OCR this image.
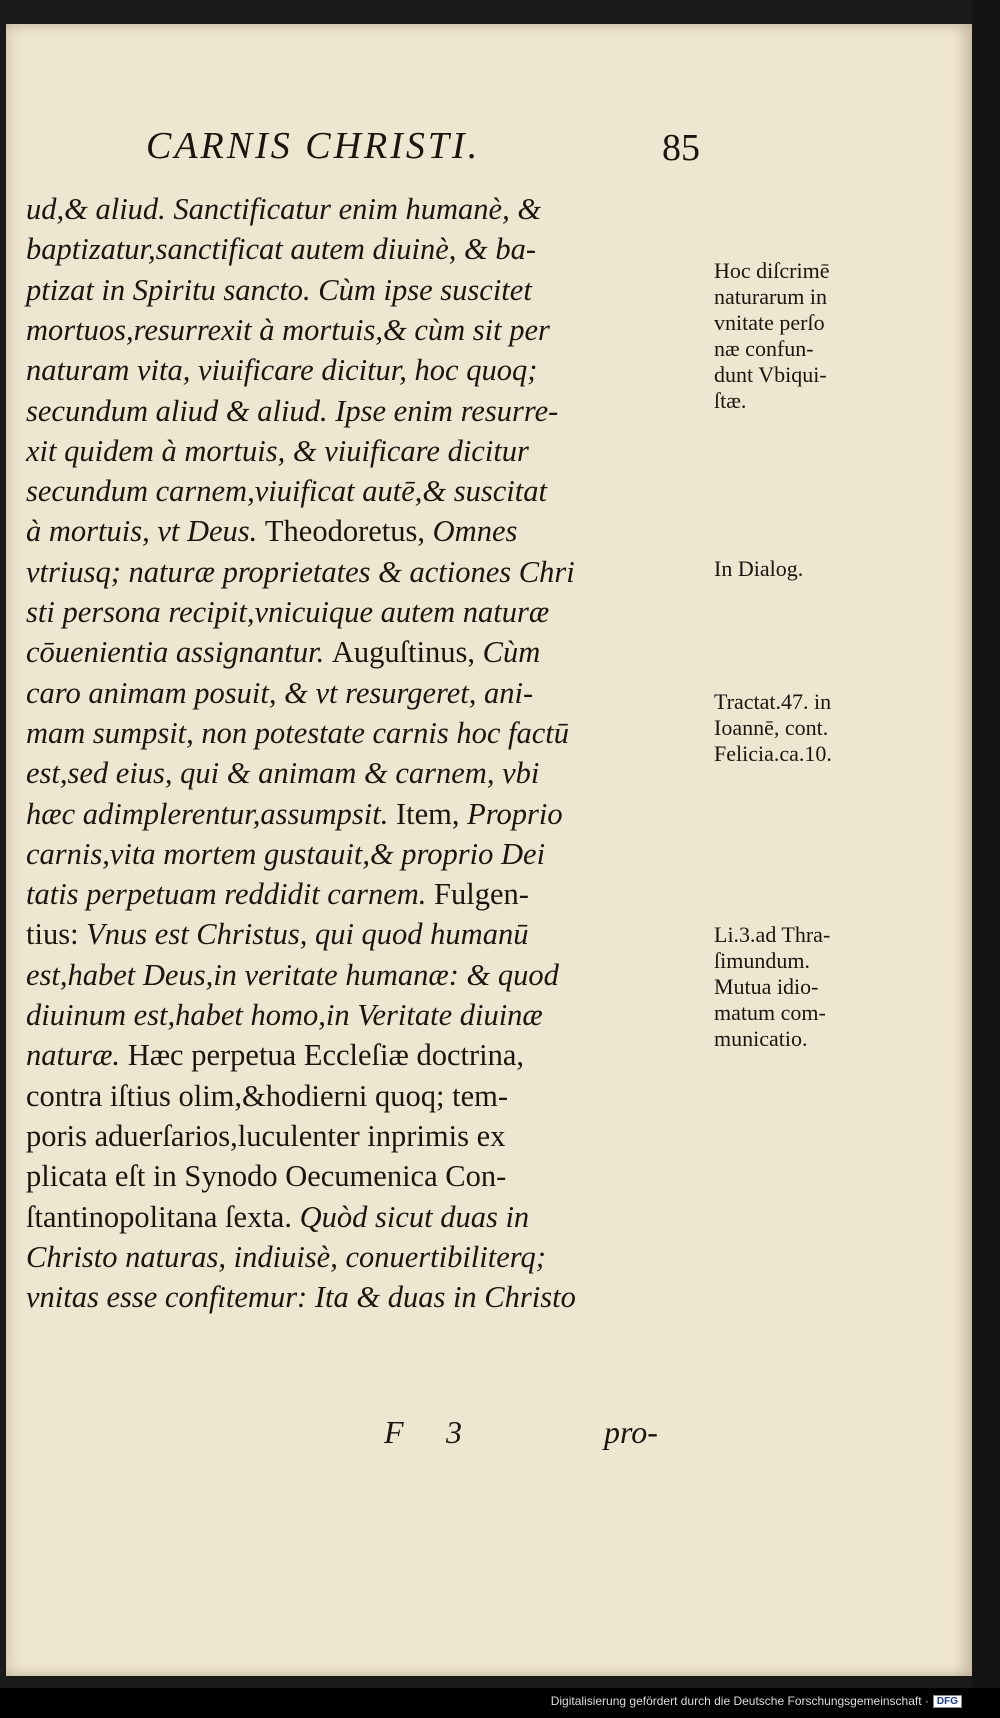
CARNIS CHRISTI.	85
ud,& aliud. Sanctificatur enim humanè, &
baptizatur,sanctificat autem diuinè, & ba-
ptizat in Spiritu sancto. Cùm ipse suscitet
mortuos,resurrexit à mortuis,& cùm sit per
naturam vita, viuificare dicitur, hoc quoq;
secundum aliud & aliud. Ipse enim resurre-
xit quidem à mortuis, & viuificare dicitur
secundum carnem,viuificat autē,& suscitat
à mortuis, vt Deus. Theodoretus, Omnes
vtriusq; naturæ proprietates & actiones Chri
sti persona recipit,vnicuique autem naturæ
cōuenientia assignantur. Auguſtinus, Cùm
caro animam posuit, & vt resurgeret, ani-
mam sumpsit, non potestate carnis hoc factū
est,sed eius, qui & animam & carnem, vbi
hæc adimplerentur,assumpsit. Item, Proprio
carnis,vita mortem gustauit,& proprio Dei
tatis perpetuam reddidit carnem. Fulgen-
tius: Vnus est Christus, qui quod humanū
est,habet Deus,in veritate humanæ: & quod
diuinum est,habet homo,in Veritate diuinæ
naturæ. Hæc perpetua Eccleſiæ doctrina,
contra iſtius olim,&hodierni quoq; tem-
poris aduerſarios,luculenter inprimis ex
plicata eſt in Synodo Oecumenica Con-
ſtantinopolitana ſexta. Quòd sicut duas in
Christo naturas, indiuisè, conuertibiliterq;
vnitas esse confitemur: Ita & duas in Christo
Hoc diſcrimē
naturarum in
vnitate perſo
næ confun-
dunt Vbiqui-
ſtæ.
In Dialog.
Tractat.47. in
Ioannē, cont.
Felicia.ca.10.
Li.3.ad Thra-
ſimundum.
Mutua idio-
matum com-
municatio.
F 3	pro-
Digitalisierung gefördert durch die Deutsche Forschungsgemeinschaft · DFG
